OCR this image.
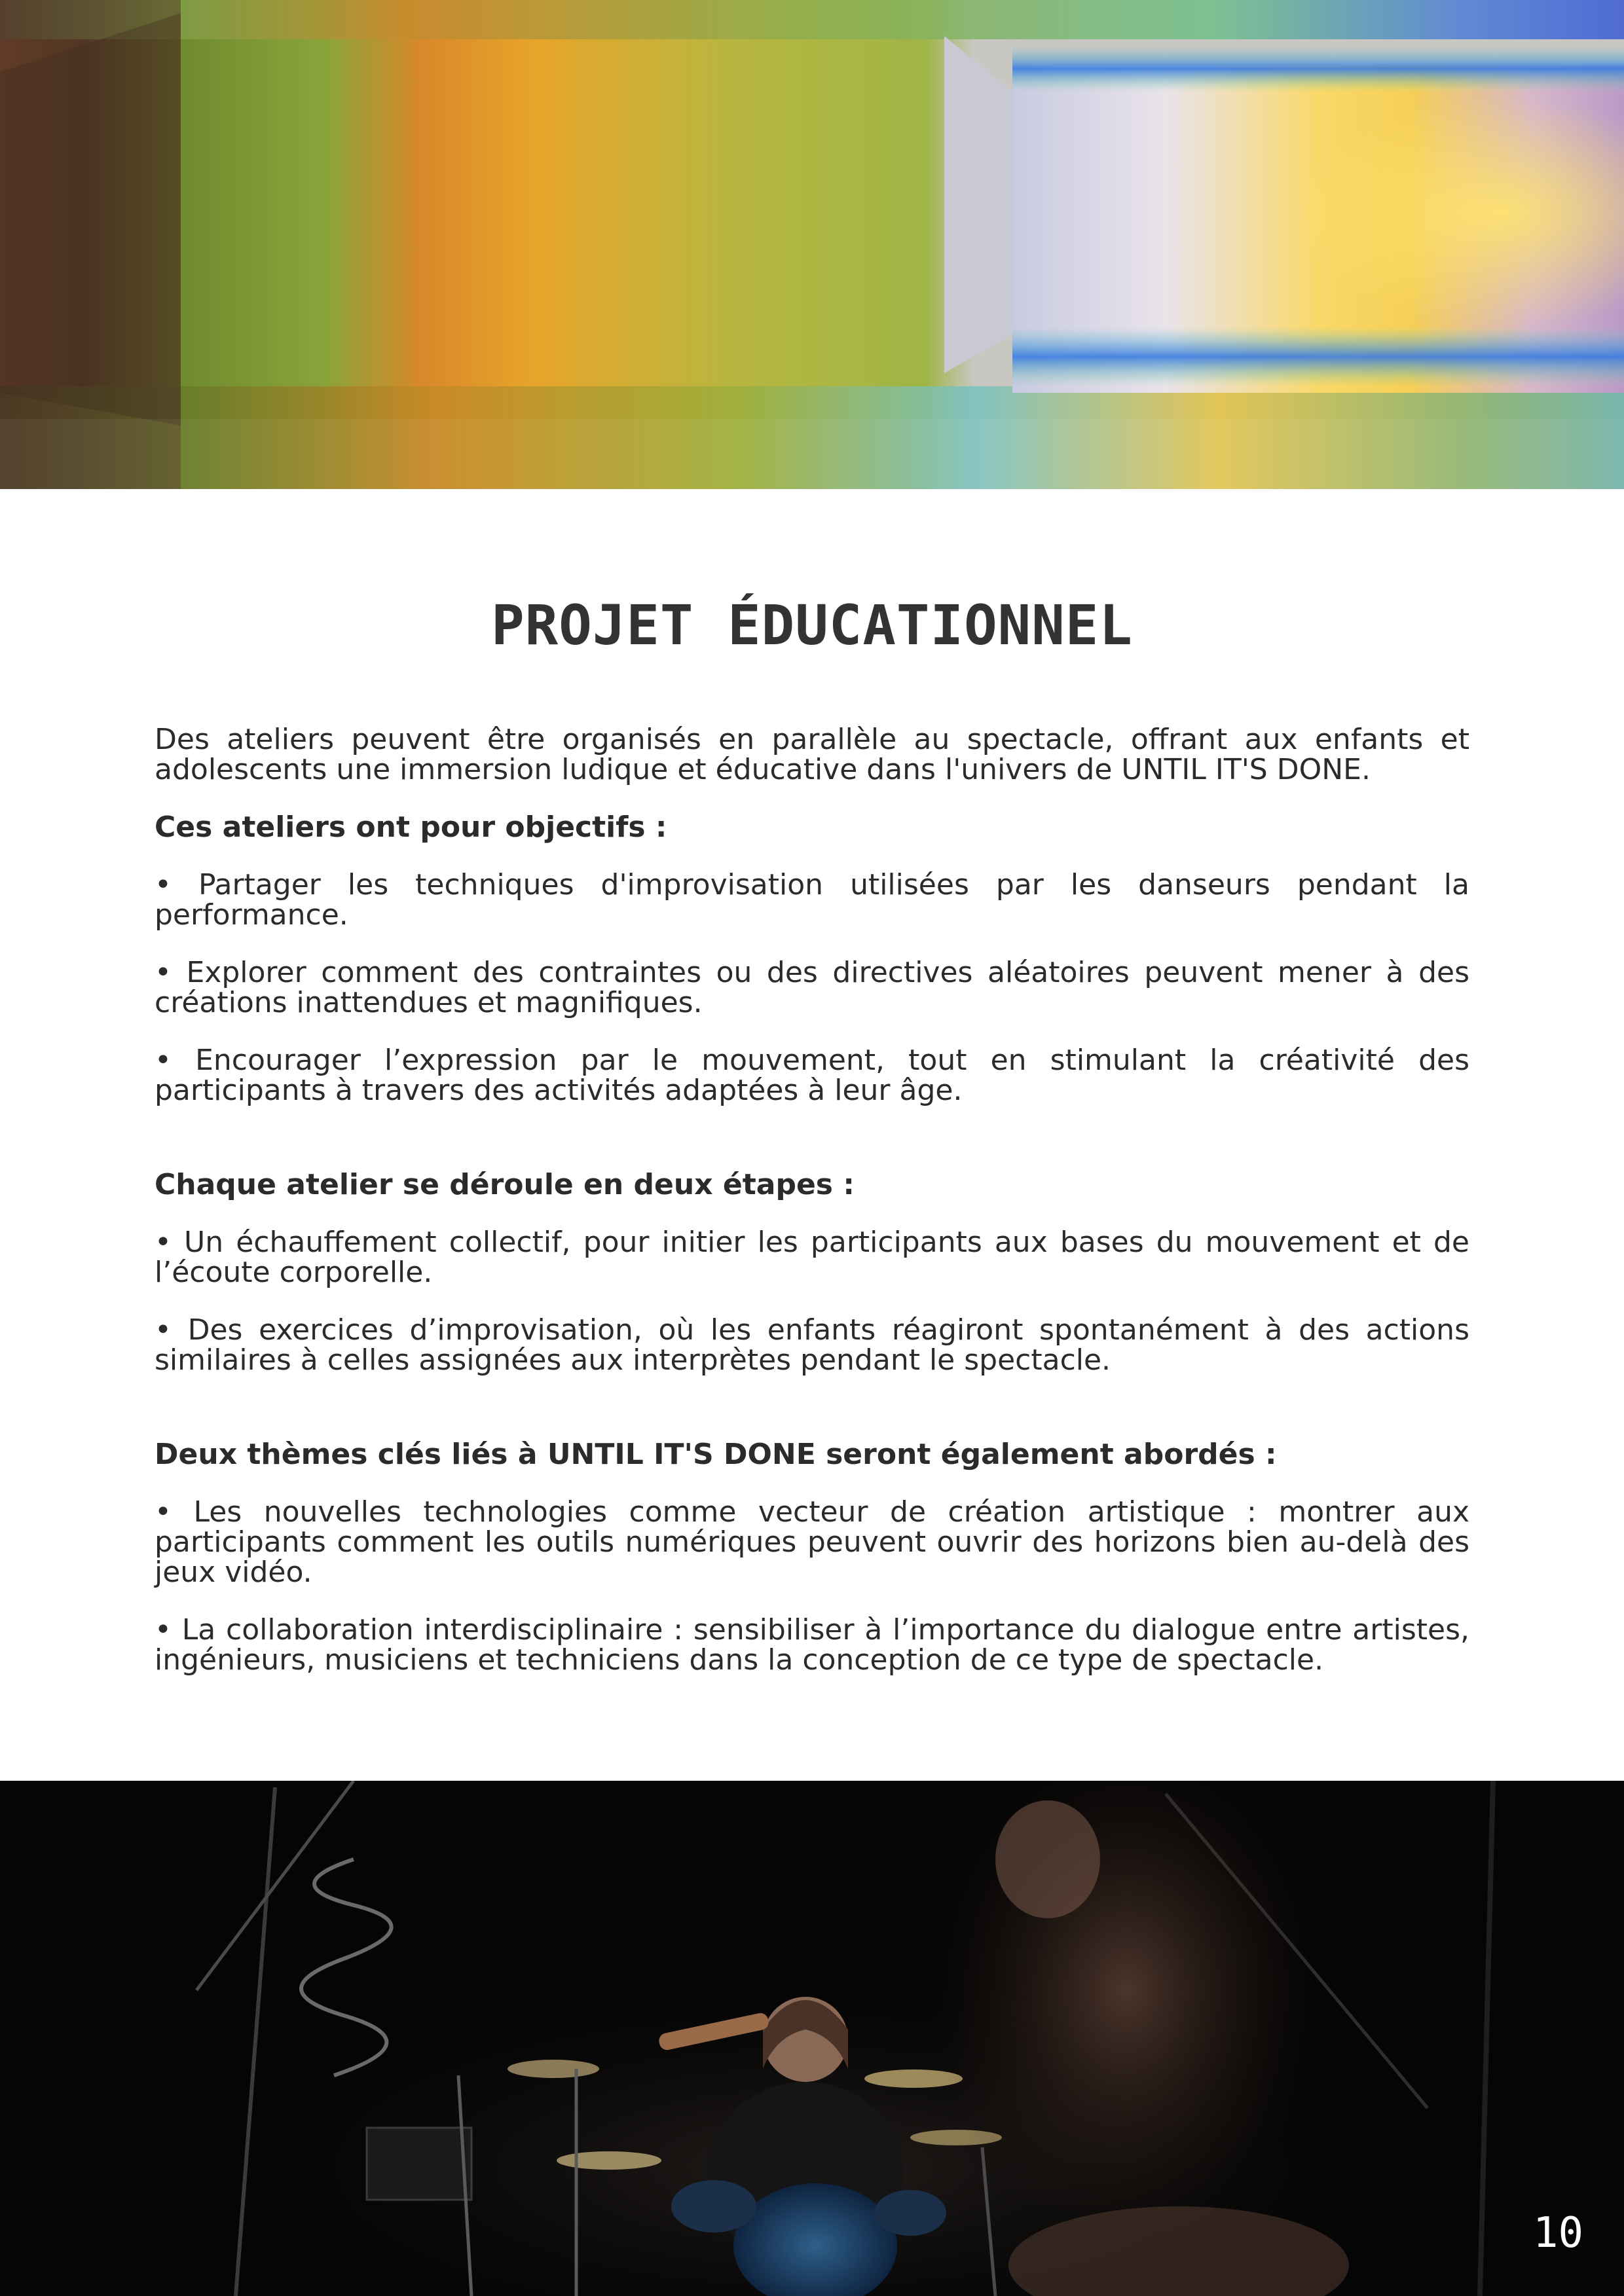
PROJET ÉDUCATIONNEL

Des ateliers peuvent être organisés en parallèle au spectacle, offrant aux enfants et adolescents une immersion ludique et éducative dans l'univers de UNTIL IT'S DONE.

Ces ateliers ont pour objectifs :

• Partager les techniques d'improvisation utilisées par les danseurs pendant la performance.

• Explorer comment des contraintes ou des directives aléatoires peuvent mener à des créations inattendues et magnifiques.

• Encourager l’expression par le mouvement, tout en stimulant la créativité des participants à travers des activités adaptées à leur âge.

Chaque atelier se déroule en deux étapes :

• Un échauffement collectif, pour initier les participants aux bases du mouvement et de l’écoute corporelle.

• Des exercices d’improvisation, où les enfants réagiront spontanément à des actions similaires à celles assignées aux interprètes pendant le spectacle.

Deux thèmes clés liés à UNTIL IT'S DONE seront également abordés :

• Les nouvelles technologies comme vecteur de création artistique : montrer aux participants comment les outils numériques peuvent ouvrir des horizons bien au-delà des jeux vidéo.

• La collaboration interdisciplinaire : sensibiliser à l’importance du dialogue entre artistes, ingénieurs, musiciens et techniciens dans la conception de ce type de spectacle.

10
